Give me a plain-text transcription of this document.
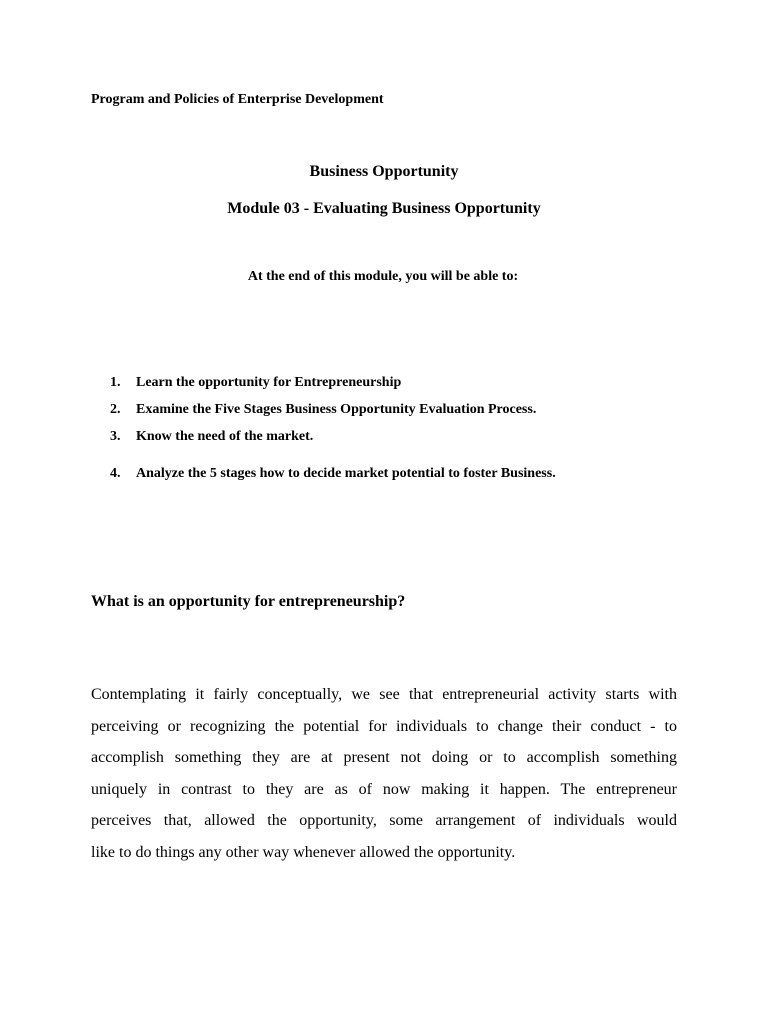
Program and Policies of Enterprise Development
Business Opportunity
Module 03 - Evaluating Business Opportunity
At the end of this module, you will be able to:
1. Learn the opportunity for Entrepreneurship
2. Examine the Five Stages Business Opportunity Evaluation Process.
3. Know the need of the market.
4. Analyze the 5 stages how to decide market potential to foster Business.
What is an opportunity for entrepreneurship?
Contemplating it fairly conceptually, we see that entrepreneurial activity starts with
perceiving or recognizing the potential for individuals to change their conduct - to
accomplish something they are at present not doing or to accomplish something
uniquely in contrast to they are as of now making it happen. The entrepreneur
perceives that, allowed the opportunity, some arrangement of individuals would
like to do things any other way whenever allowed the opportunity.
